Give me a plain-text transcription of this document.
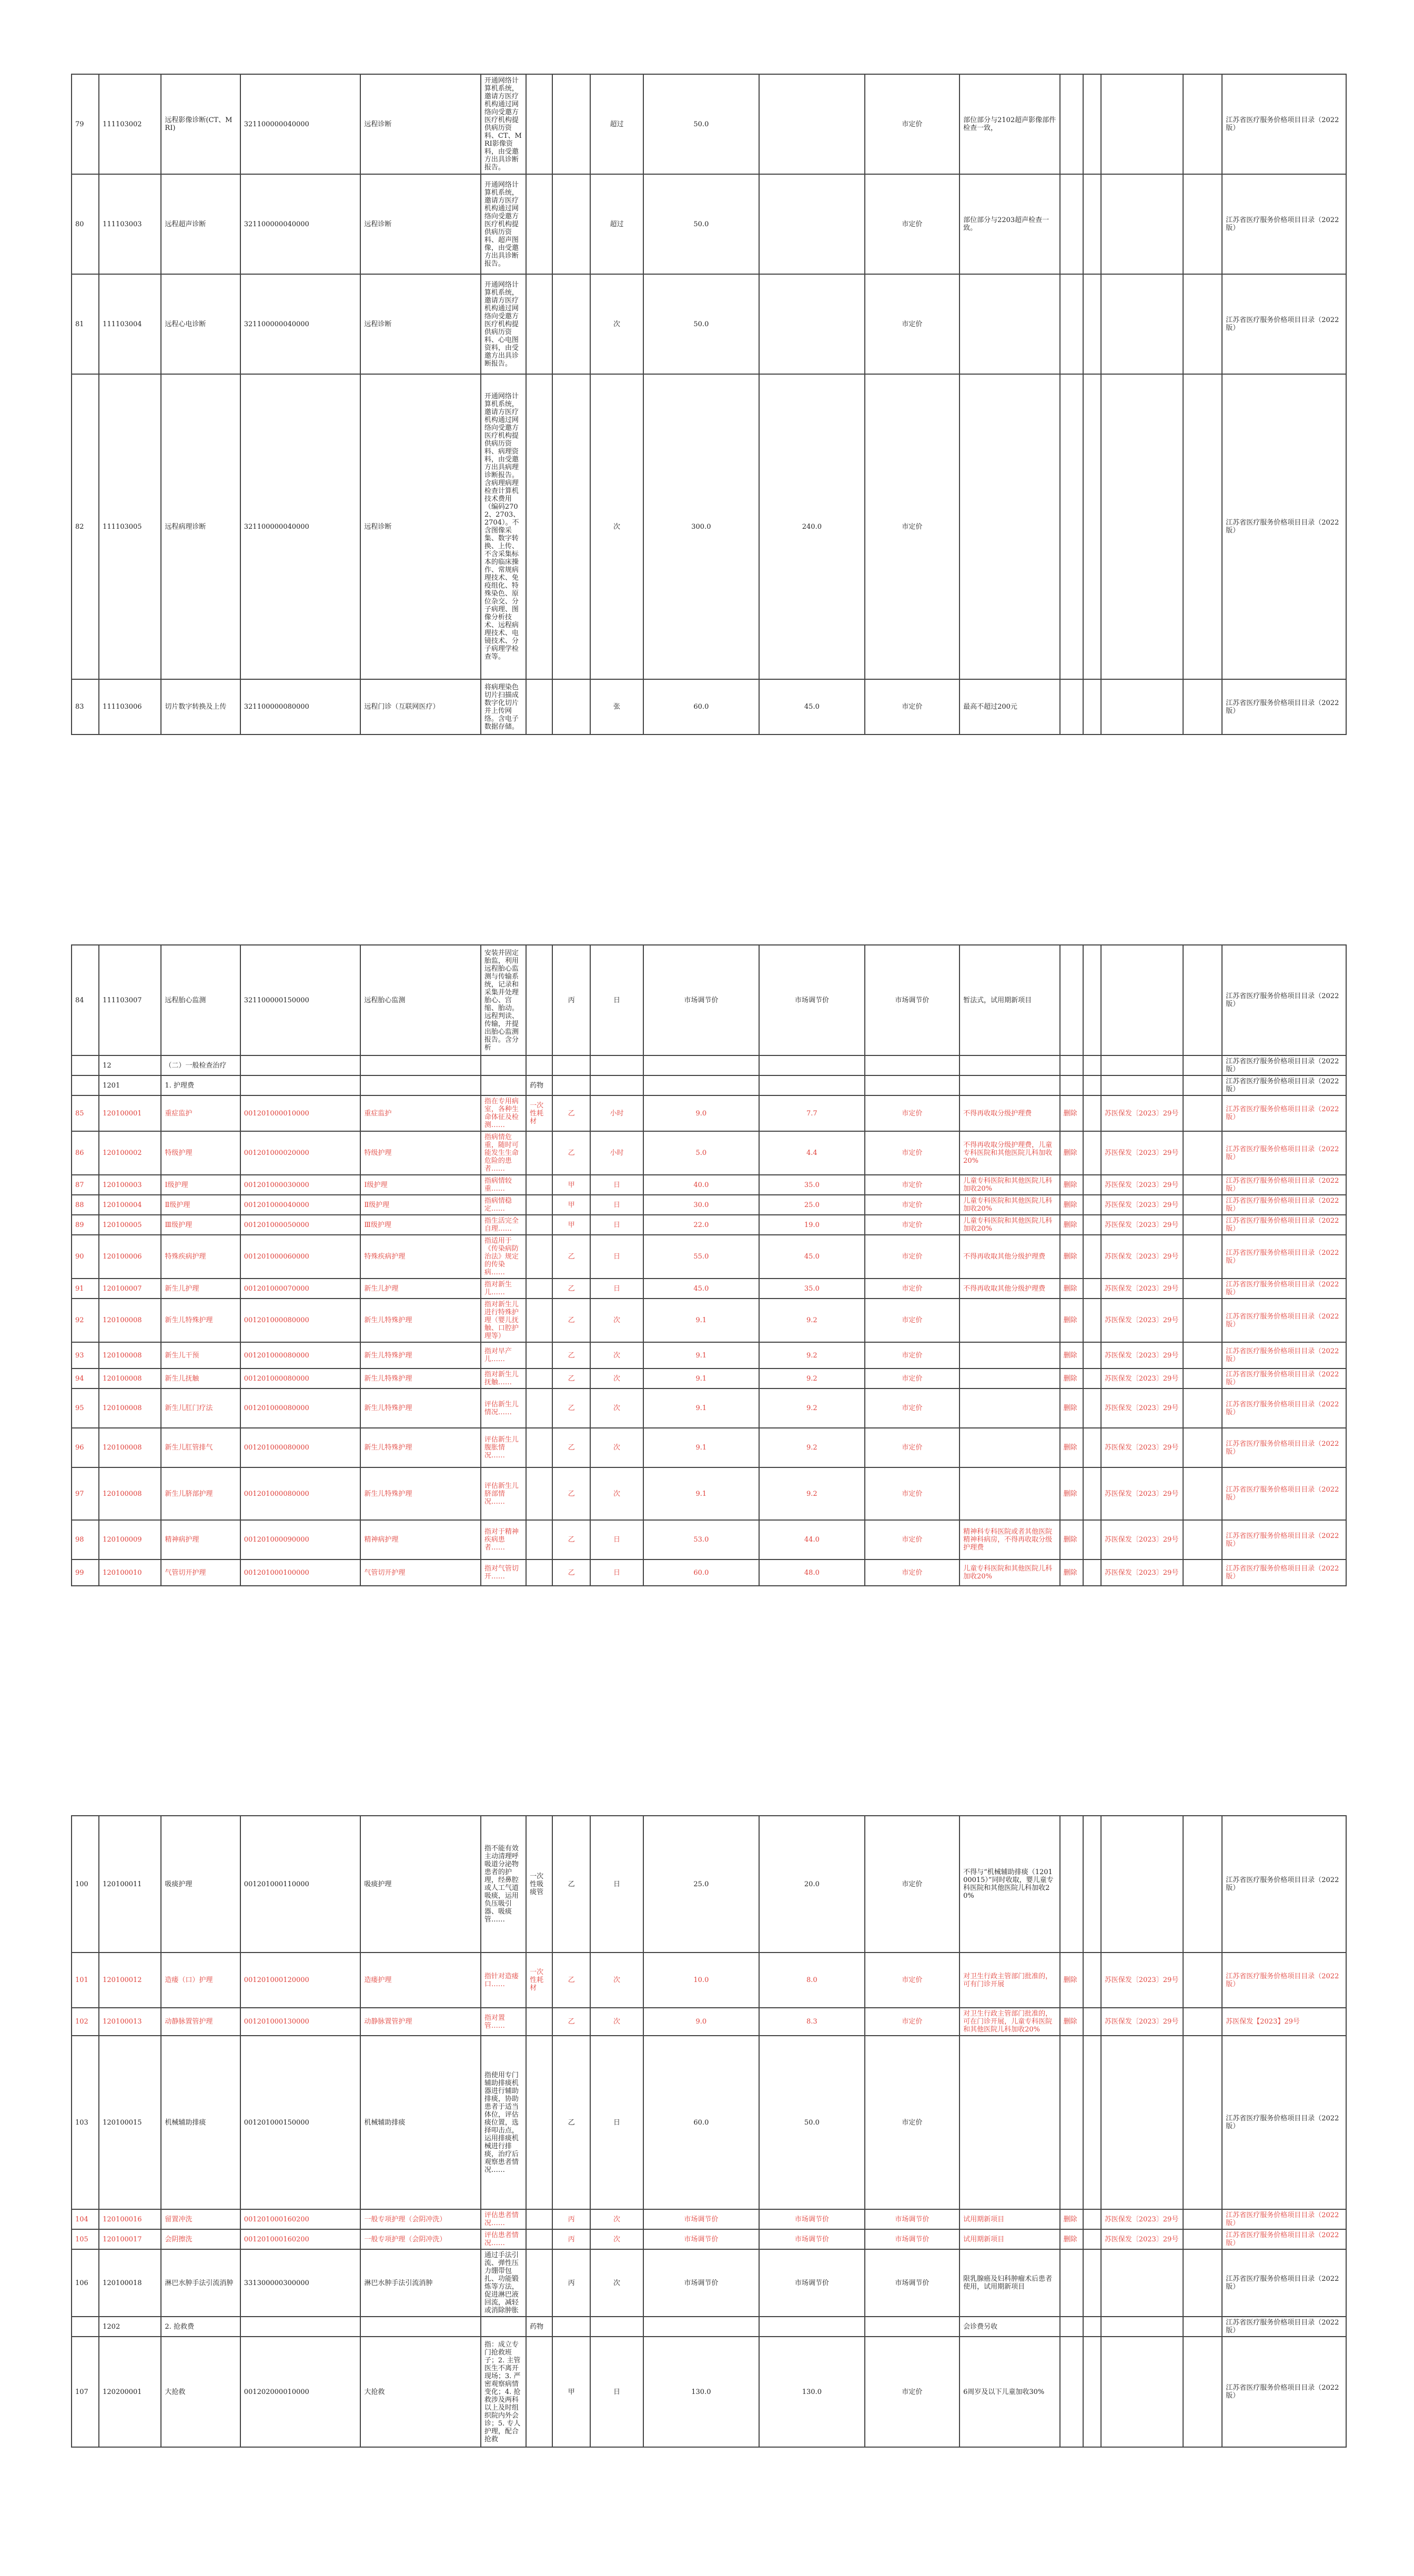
79	111103002	远程影像诊断(CT、MRI)	321100000040000	远程诊断	开通网络计算机系统，邀请方医疗机构通过网络向受邀方医疗机构提供病历资料、CT、MRI影像资料，由受邀方出具诊断报告。			超过	50.0		市定价	部位部分与2102超声影像部件检查一致，					江苏省医疗服务价格项目目录（2022版）

80	111103003	远程超声诊断	321100000040000	远程诊断	开通网络计算机系统，邀请方医疗机构通过网络向受邀方医疗机构提供病历资料、超声图像，由受邀方出具诊断报告。			超过	50.0		市定价	部位部分与2203超声检查一致。					江苏省医疗服务价格项目目录（2022版）

81	111103004	远程心电诊断	321100000040000	远程诊断	开通网络计算机系统，邀请方医疗机构通过网络向受邀方医疗机构提供病历资料、心电图资料，由受邀方出具诊断报告。			次	50.0		市定价						江苏省医疗服务价格项目目录（2022版）

82	111103005	远程病理诊断	321100000040000	远程诊断	开通网络计算机系统，邀请方医疗机构通过网络向受邀方医疗机构提供病历资料、病理资料，由受邀方出具病理诊断报告。含病理病理检查计算机技术费用（编码2702、2703、2704）。不含图像采集、数字转换、上传、不含采集标本的临床操作、常规病理技术、免疫组化、特殊染色、原位杂交、分子病理、图像分析技术、远程病理技术、电镜技术、分子病理学检查等。			次	300.0	240.0	市定价						江苏省医疗服务价格项目目录（2022版）

83	111103006	切片数字转换及上传	321100000080000	远程门诊（互联网医疗）	将病理染色切片扫描成数字化切片并上传网络。含电子数据存储。			张	60.0	45.0	市定价	最高不超过200元					江苏省医疗服务价格项目目录（2022版）
84	111103007	远程胎心监测	321100000150000	远程胎心监测	安装并固定胎监，利用远程胎心监测与传输系统，记录和采集并处理胎心、宫缩、胎动。远程判读、传输，并提出胎心监测报告。含分析		丙	日	市场调节价	市场调节价	市场调节价	暂法式，试用期新项目					江苏省医疗服务价格项目目录（2022版）

	12	（二）一般检查治疗															江苏省医疗服务价格项目目录（2022版）

	1201	1. 护理费				药物											江苏省医疗服务价格项目目录（2022版）

85	120100001	重症监护	001201000010000	重症监护	指在专用病室，各种生命体征及检测……	一次性耗材	乙	小时	9.0	7.7	市定价	不得再收取分级护理费	删除		苏医保发〔2023〕29号		江苏省医疗服务价格项目目录（2022版）

86	120100002	特级护理	001201000020000	特级护理	指病情危重，随时可能发生生命危险的患者……		乙	小时	5.0	4.4	市定价	不得再收取分级护理费，儿童专科医院和其他医院儿科加收20%	删除		苏医保发〔2023〕29号		江苏省医疗服务价格项目目录（2022版）

87	120100003	Ⅰ级护理	001201000030000	Ⅰ级护理	指病情较重……		甲	日	40.0	35.0	市定价	儿童专科医院和其他医院儿科加收20%	删除		苏医保发〔2023〕29号		江苏省医疗服务价格项目目录（2022版）

88	120100004	Ⅱ级护理	001201000040000	Ⅱ级护理	指病情稳定……		甲	日	30.0	25.0	市定价	儿童专科医院和其他医院儿科加收20%	删除		苏医保发〔2023〕29号		江苏省医疗服务价格项目目录（2022版）

89	120100005	Ⅲ级护理	001201000050000	Ⅲ级护理	指生活完全自理……		甲	日	22.0	19.0	市定价	儿童专科医院和其他医院儿科加收20%	删除		苏医保发〔2023〕29号		江苏省医疗服务价格项目目录（2022版）

90	120100006	特殊疾病护理	001201000060000	特殊疾病护理	指适用于《传染病防治法》规定的传染病……		乙	日	55.0	45.0	市定价	不得再收取其他分级护理费	删除		苏医保发〔2023〕29号		江苏省医疗服务价格项目目录（2022版）

91	120100007	新生儿护理	001201000070000	新生儿护理	指对新生儿……		乙	日	45.0	35.0	市定价	不得再收取其他分级护理费	删除		苏医保发〔2023〕29号		江苏省医疗服务价格项目目录（2022版）

92	120100008	新生儿特殊护理	001201000080000	新生儿特殊护理	指对新生儿进行特殊护理（婴儿抚触、口腔护理等）		乙	次	9.1	9.2	市定价		删除		苏医保发〔2023〕29号		江苏省医疗服务价格项目目录（2022版）

93	120100008	新生儿干预	001201000080000	新生儿特殊护理	指对早产儿……		乙	次	9.1	9.2	市定价		删除		苏医保发〔2023〕29号		江苏省医疗服务价格项目目录（2022版）

94	120100008	新生儿抚触	001201000080000	新生儿特殊护理	指对新生儿抚触……		乙	次	9.1	9.2	市定价		删除		苏医保发〔2023〕29号		江苏省医疗服务价格项目目录（2022版）

95	120100008	新生儿肛门疗法	001201000080000	新生儿特殊护理	评估新生儿情况……		乙	次	9.1	9.2	市定价		删除		苏医保发〔2023〕29号		江苏省医疗服务价格项目目录（2022版）

96	120100008	新生儿肛管排气	001201000080000	新生儿特殊护理	评估新生儿腹胀情况……		乙	次	9.1	9.2	市定价		删除		苏医保发〔2023〕29号		江苏省医疗服务价格项目目录（2022版）

97	120100008	新生儿脐部护理	001201000080000	新生儿特殊护理	评估新生儿脐部情况……		乙	次	9.1	9.2	市定价		删除		苏医保发〔2023〕29号		江苏省医疗服务价格项目目录（2022版）

98	120100009	精神病护理	001201000090000	精神病护理	指对于精神疾病患者……		乙	日	53.0	44.0	市定价	精神科专科医院或者其他医院精神科病房，不得再收取分级护理费	删除		苏医保发〔2023〕29号		江苏省医疗服务价格项目目录（2022版）

99	120100010	气管切开护理	001201000100000	气管切开护理	指对气管切开……		乙	日	60.0	48.0	市定价	儿童专科医院和其他医院儿科加收20%	删除		苏医保发〔2023〕29号		江苏省医疗服务价格项目目录（2022版）
100	120100011	吸痰护理	001201000110000	吸痰护理	指不能有效主动清理呼吸道分泌物患者的护理，经鼻腔或人工气道吸痰，运用负压吸引器、吸痰管……	一次性吸痰管	乙	日	25.0	20.0	市定价	不得与“机械辅助排痰（120100015）”同时收取，婴儿童专科医院和其他医院儿科加收20%					江苏省医疗服务价格项目目录（2022版）

101	120100012	造瘘（口）护理	001201000120000	造瘘护理	指针对造瘘口……	一次性耗材	乙	次	10.0	8.0	市定价	对卫生行政主管部门批准的，可有门诊开展	删除		苏医保发〔2023〕29号		江苏省医疗服务价格项目目录（2022版）

102	120100013	动静脉置管护理	001201000130000	动静脉置管护理	指对置管……		乙	次	9.0	8.3	市定价	对卫生行政主管部门批准的，可在门诊开展，儿童专科医院和其他医院儿科加收20%	删除		苏医保发〔2023〕29号		苏医保发【2023】29号

103	120100015	机械辅助排痰	001201000150000	机械辅助排痰	指使用专门辅助排痰机器进行辅助排痰，协助患者于适当体位，评估痰位置，选择叩击点，运用排痰机械进行排痰，治疗后观察患者情况……		乙	日	60.0	50.0	市定价						江苏省医疗服务价格项目目录（2022版）

104	120100016	留置冲洗	001201000160200	一般专项护理（会阴冲洗）	评估患者情况……		丙	次	市场调节价	市场调节价	市场调节价	试用期新项目	删除		苏医保发〔2023〕29号		江苏省医疗服务价格项目目录（2022版）

105	120100017	会阴擦洗	001201000160200	一般专项护理（会阴冲洗）	评估患者情况……		丙	次	市场调节价	市场调节价	市场调节价	试用期新项目	删除		苏医保发〔2023〕29号		江苏省医疗服务价格项目目录（2022版）

106	120100018	淋巴水肿手法引流消肿	331300000300000	淋巴水肿手法引流消肿	通过手法引流、弹性压力绷带包扎、功能锻炼等方法，促进淋巴液回流，减轻或消除肿胀		丙	次	市场调节价	市场调节价	市场调节价	限乳腺癌及妇科肿瘤术后患者使用，试用期新项目					江苏省医疗服务价格项目目录（2022版）

	1202	2. 抢救费				药物						会诊费另收					江苏省医疗服务价格项目目录（2022版）

107	120200001	大抢救	001202000010000	大抢救	指：成立专门抢救班子；2. 主管医生不离开现场；3. 严密观察病情变化；4. 抢救涉及两科以上及时组织院内外会诊；5. 专人护理，配合抢救		甲	日	130.0	130.0	市定价	6周岁及以下儿童加收30%					江苏省医疗服务价格项目目录（2022版）
